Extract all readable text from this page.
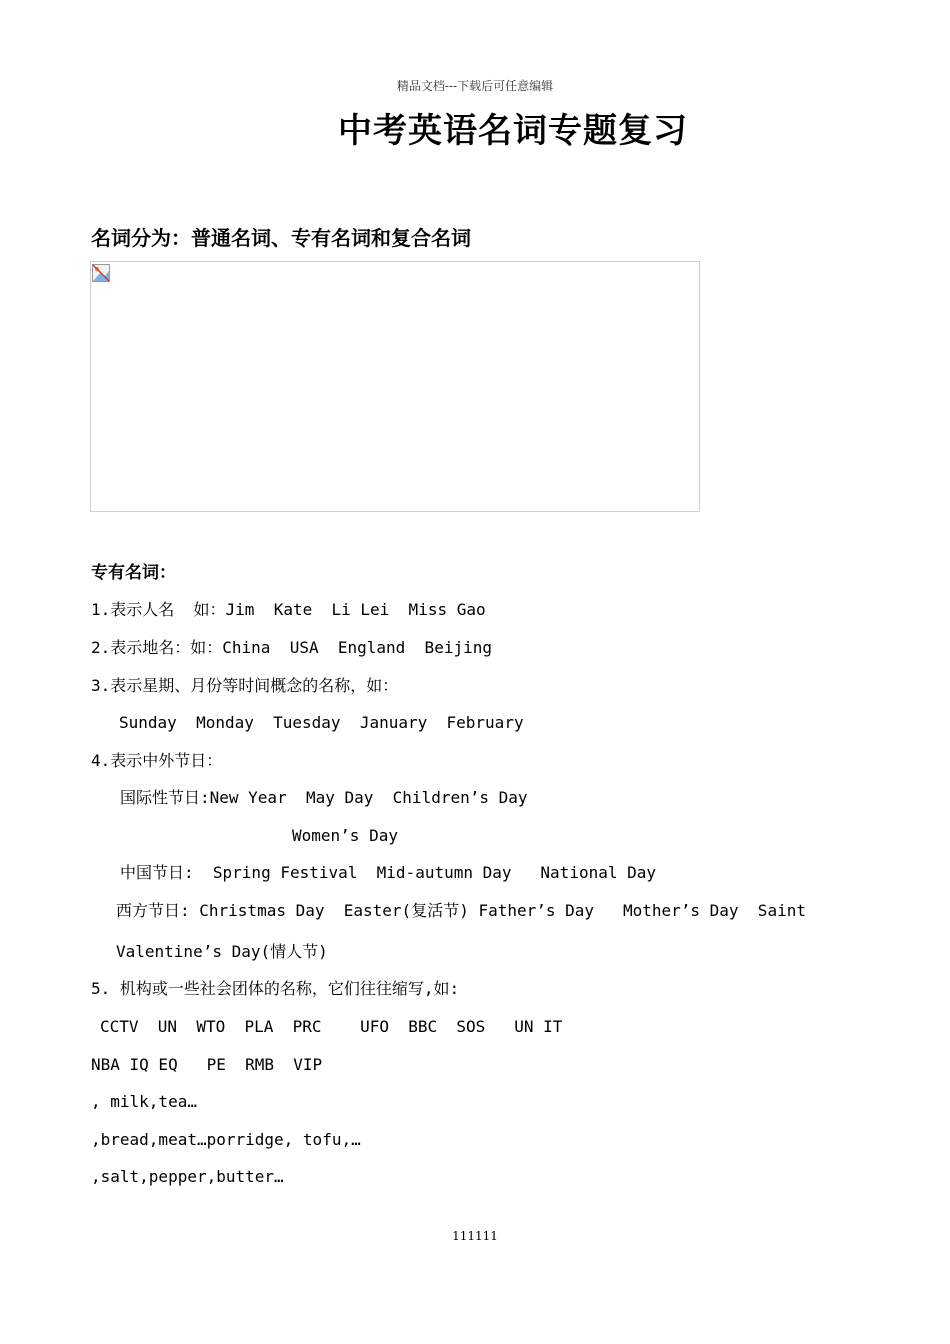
精品文档---下载后可任意编辑
中考英语名词专题复习
名词分为：普通名词、专有名词和复合名词
专有名词：
1.表示人名  如：Jim  Kate  Li Lei  Miss Gao
2.表示地名：如：China  USA  England  Beijing
3.表示星期、月份等时间概念的名称，如：
Sunday  Monday  Tuesday  January  February
4.表示中外节日：
国际性节日:New Year  May Day  Children’s Day
Women’s Day
中国节日:  Spring Festival  Mid-autumn Day   National Day
西方节日: Christmas Day  Easter(复活节) Father’s Day   Mother’s Day  Saint
Valentine’s Day(情人节)
5. 机构或一些社会团体的名称，它们往往缩写,如:
CCTV  UN  WTO  PLA  PRC    UFO  BBC  SOS   UN IT
NBA IQ EQ   PE  RMB  VIP
, milk,tea…
,bread,meat…porridge, tofu,…
,salt,pepper,butter…
111111
